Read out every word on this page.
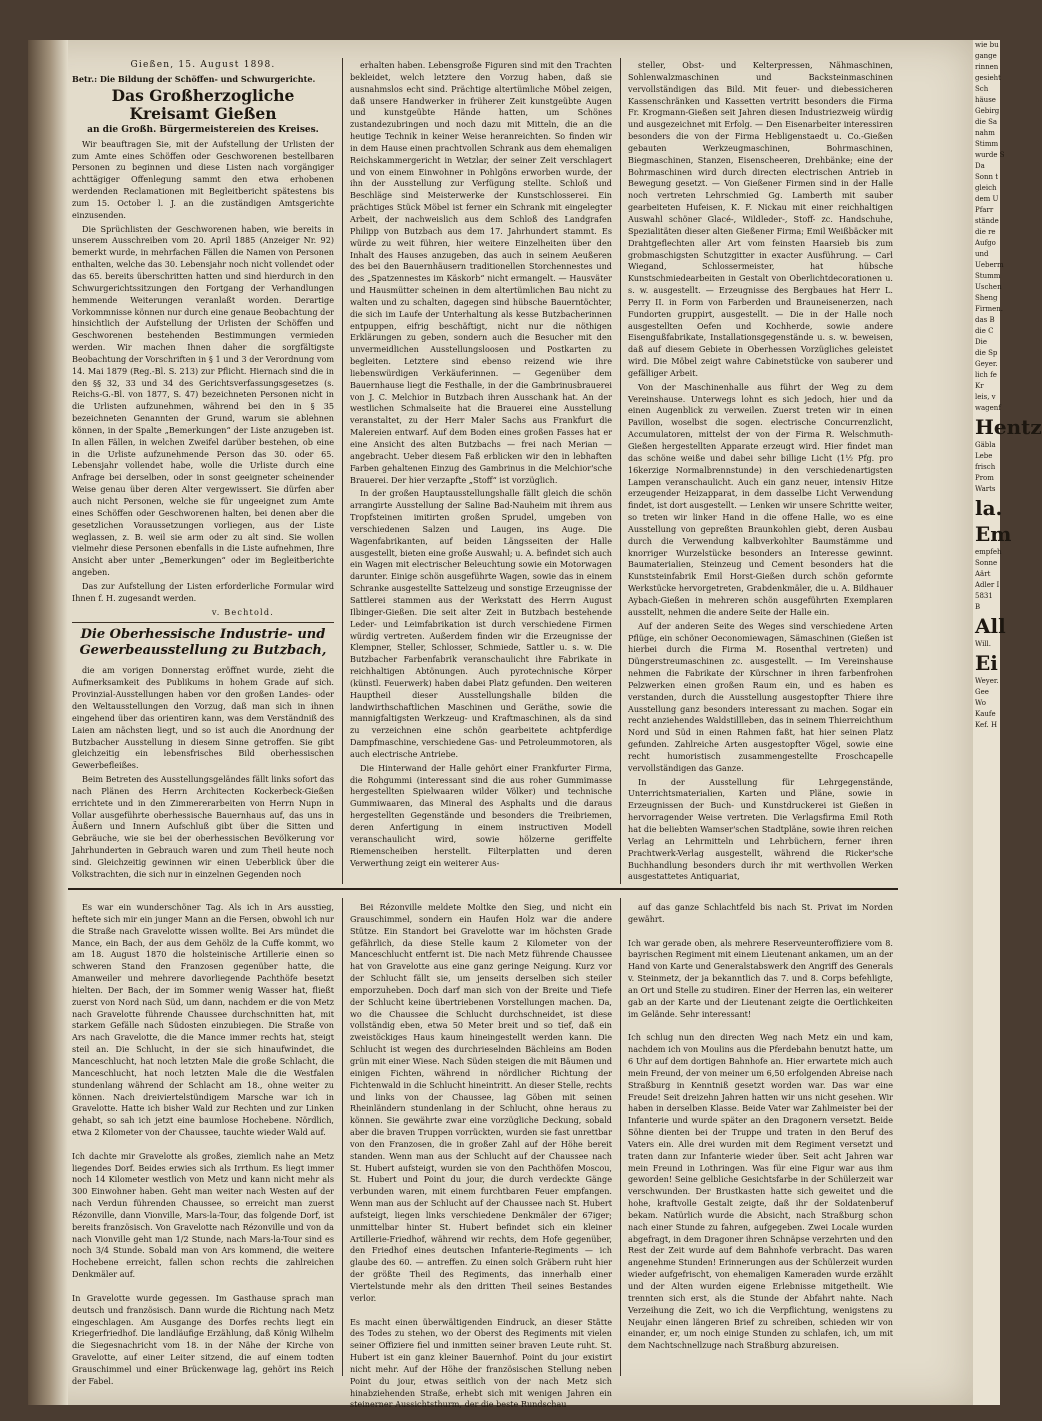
wie bu
gange
rinnen
gesieht
Sch
häuse
Gebirg
die Sa
nahm
Stimm
wurde S
Da
Sonn t
gleich
dem U
Pfarr
stände
die re
Aufgo
und
Ueberm
Stumm
Uschen
Sheng
Firmen.
das B
die C
Die
die Sp
Geyer.
lich fe
Kr
leis, v
wagenf
Hentz
Gäbla
Lebe
frisch
Prom
Warts
la.
Em
empfeh
Sonne
Aärt
Adler I
5831
B
All
Will.
Ei
Weyer.
Gee
Wo
Kaufe
Kef. H
Gießen, 15. August 1898.
Betr.: Die Bildung der Schöffen- und Schwurgerichte.
Das Großherzogliche Kreisamt Gießen
an die Großh. Bürgermeistereien des Kreises.

Wir beauftragen Sie, mit der Aufstellung der Urlisten der zum Amte eines Schöffen oder Geschworenen bestellbaren Personen zu beginnen und diese Listen nach vorgängiger achttägiger Offenlegung sammt den etwa erhobenen werdenden Reclamationen mit Begleitbericht spätestens bis zum 15. October l. J. an die zuständigen Amtsgerichte einzusenden.

Die Sprüchlisten der Geschworenen haben, wie bereits in unserem Ausschreiben vom 20. April 1885 (Anzeiger Nr. 92) bemerkt wurde, in mehrfachen Fällen die Namen von Personen enthalten, welche das 30. Lebensjahr noch nicht vollendet oder das 65. bereits überschritten hatten und sind hierdurch in den Schwurgerichtssitzungen den Fortgang der Verhandlungen hemmende Weiterungen veranlaßt worden. Derartige Vorkommnisse können nur durch eine genaue Beobachtung der hinsichtlich der Aufstellung der Urlisten der Schöffen und Geschworenen bestehenden Bestimmungen vermieden werden. Wir machen Ihnen daher die sorgfältigste Beobachtung der Vorschriften in § 1 und 3 der Verordnung vom 14. Mai 1879 (Reg.-Bl. S. 213) zur Pflicht. Hiernach sind die in den §§ 32, 33 und 34 des Gerichtsverfassungsgesetzes (s. Reichs-G.-Bl. von 1877, S. 47) bezeichneten Personen nicht in die Urlisten aufzunehmen, während bei den in § 35 bezeichneten Genannten der Grund, warum sie ablehnen können, in der Spalte „Bemerkungen“ der Liste anzugeben ist. In allen Fällen, in welchen Zweifel darüber bestehen, ob eine in die Urliste aufzunehmende Person das 30. oder 65. Lebensjahr vollendet habe, wolle die Urliste durch eine Anfrage bei derselben, oder in sonst geeigneter scheinender Weise genau über deren Alter vergewissert. Sie dürfen aber auch nicht Personen, welche sie für ungeeignet zum Amte eines Schöffen oder Geschworenen halten, bei denen aber die gesetzlichen Voraussetzungen vorliegen, aus der Liste weglassen, z. B. weil sie arm oder zu alt sind. Sie wollen vielmehr diese Personen ebenfalls in die Liste aufnehmen, Ihre Ansicht aber unter „Bemerkungen“ oder im Begleitberichte angeben.

Das zur Aufstellung der Listen erforderliche Formular wird Ihnen f. H. zugesandt werden.

v. Bechtold.
Die Oberhessische Industrie- und Gewerbeausstellung zu Butzbach,

die am vorigen Donnerstag eröffnet wurde, zieht die Aufmerksamkeit des Publikums in hohem Grade auf sich. Provinzial-Ausstellungen haben vor den großen Landes- oder den Weltausstellungen den Vorzug, daß man sich in ihnen eingehend über das orientiren kann, was dem Verständniß des Laien am nächsten liegt, und so ist auch die Anordnung der Butzbacher Ausstellung in diesem Sinne getroffen. Sie gibt gleichzeitig ein lebensfrisches Bild oberhessischen Gewerbefleißes.

Beim Betreten des Ausstellungsgeländes fällt links sofort das nach Plänen des Herrn Architecten Kockerbeck-Gießen errichtete und in den Zimmererarbeiten von Herrn Nupn in Vollar ausgeführte oberhessische Bauernhaus auf, das uns in Äußern und Innern Aufschluß gibt über die Sitten und Gebräuche, wie sie bei der oberhessischen Bevölkerung vor Jahrhunderten in Gebrauch waren und zum Theil heute noch sind. Gleichzeitig gewinnen wir einen Ueberblick über die Volkstrachten, die sich nur in einzelnen Gegenden noch

erhalten haben. Lebensgroße Figuren sind mit den Trachten bekleidet, welch letztere den Vorzug haben, daß sie ausnahmslos echt sind. Prächtige altertümliche Möbel zeigen, daß unsere Handwerker in früherer Zeit kunstgeübte Augen und kunstgeübte Hände hatten, um Schönes zustandezubringen und noch dazu mit Mitteln, die an die heutige Technik in keiner Weise heranreichten. So finden wir in dem Hause einen prachtvollen Schrank aus dem ehemaligen Reichskammergericht in Wetzlar, der seiner Zeit verschlagert und von einem Einwohner in Pohlgöns erworben wurde, der ihn der Ausstellung zur Verfügung stellte. Schloß und Beschläge sind Meisterwerke der Kunstschlosserei. Ein prächtiges Stück Möbel ist ferner ein Schrank mit eingelegter Arbeit, der nachweislich aus dem Schloß des Landgrafen Philipp von Butzbach aus dem 17. Jahrhundert stammt. Es würde zu weit führen, hier weitere Einzelheiten über den Inhalt des Hauses anzugeben, das auch in seinem Aeußeren des bei den Bauernhäusern traditionellen Storchennestes und des „Spatzennestes im Käskorb“ nicht ermangelt. — Hausväter und Hausmütter scheinen in dem altertümlichen Bau nicht zu walten und zu schalten, dagegen sind hübsche Bauerntöchter, die sich im Laufe der Unterhaltung als kesse Butzbacherinnen entpuppen, eifrig beschäftigt, nicht nur die nöthigen Erklärungen zu geben, sondern auch die Besucher mit den unvermeidlichen Ausstellungsloosen und Postkarten zu begleiten. Letztere sind ebenso reizend wie ihre liebenswürdigen Verkäuferinnen. — Gegenüber dem Bauernhause liegt die Festhalle, in der die Gambrinusbrauerei von J. C. Melchior in Butzbach ihren Ausschank hat. An der westlichen Schmalseite hat die Brauerei eine Ausstellung veranstaltet, zu der Herr Maler Sachs aus Frankfurt die Malereien entwarf. Auf dem Boden eines großen Fasses hat er eine Ansicht des alten Butzbachs — frei nach Merian — angebracht. Ueber diesem Faß erblicken wir den in lebhaften Farben gehaltenen Einzug des Gambrinus in die Melchior'sche Brauerei. Der hier verzapfte „Stoff“ ist vorzüglich.

In der großen Hauptausstellungshalle fällt gleich die schön arrangirte Ausstellung der Saline Bad-Nauheim mit ihrem aus Tropfsteinen imitirten großen Sprudel, umgeben von verschiedenen Salzen und Laugen, ins Auge. Die Wagenfabrikanten, auf beiden Längsseiten der Halle ausgestellt, bieten eine große Auswahl; u. A. befindet sich auch ein Wagen mit electrischer Beleuchtung sowie ein Motorwagen darunter. Einige schön ausgeführte Wagen, sowie das in einem Schranke ausgestellte Sattelzeug und sonstige Erzeugnisse der Sattlerei stammen aus der Werkstatt des Herrn August Ilbinger-Gießen. Die seit alter Zeit in Butzbach bestehende Leder- und Leimfabrikation ist durch verschiedene Firmen würdig vertreten. Außerdem finden wir die Erzeugnisse der Klempner, Steller, Schlosser, Schmiede, Sattler u. s. w. Die Butzbacher Farbenfabrik veranschaulicht ihre Fabrikate in reichhaltigen Abtönungen. Auch pyrotechnische Körper (künstl. Feuerwerk) haben dabei Platz gefunden. Den weiteren Hauptheil dieser Ausstellungshalle bilden die landwirthschaftlichen Maschinen und Geräthe, sowie die mannigfaltigsten Werkzeug- und Kraftmaschinen, als da sind zu verzeichnen eine schön gearbeitete achtpferdige Dampfmaschine, verschiedene Gas- und Petroleummotoren, als auch electrische Antriebe.

Die Hinterwand der Halle gehört einer Frankfurter Firma, die Rohgummi (interessant sind die aus roher Gummimasse hergestellten Spielwaaren wilder Völker) und technische Gummiwaaren, das Mineral des Asphalts und die daraus hergestellten Gegenstände und besonders die Treibriemen, deren Anfertigung in einem instructiven Modell veranschaulicht wird, sowie hölzerne geriffelte Riemenscheiben herstellt. Filterplatten und deren Verwerthung zeigt ein weiterer Aus-

steller, Obst- und Kelterpressen, Nähmaschinen, Sohlenwalzmaschinen und Backsteinmaschinen vervollständigen das Bild. Mit feuer- und diebessicheren Kassenschränken und Kassetten vertritt besonders die Firma Fr. Krogmann-Gießen seit Jahren diesen Industriezweig würdig und ausgezeichnet mit Erfolg. — Den Eisenarbeiter interessiren besonders die von der Firma Hebligenstaedt u. Co.-Gießen gebauten Werkzeugmaschinen, Bohrmaschinen, Biegmaschinen, Stanzen, Eisenscheeren, Drehbänke; eine der Bohrmaschinen wird durch directen electrischen Antrieb in Bewegung gesetzt. — Von Gießener Firmen sind in der Halle noch vertreten Lehrschmied Gg. Lamberth mit sauber gearbeiteten Hufeisen, K. F. Nickau mit einer reichhaltigen Auswahl schöner Glacé-, Wildleder-, Stoff- zc. Handschuhe, Spezialitäten dieser alten Gießener Firma; Emil Weißbäcker mit Drahtgeflechten aller Art vom feinsten Haarsieb bis zum grobmaschigsten Schutzgitter in exacter Ausführung. — Carl Wiegand, Schlossermeister, hat hübsche Kunstschmiedearbeiten in Gestalt von Oberlichtdecorationen u. s. w. ausgestellt. — Erzeugnisse des Bergbaues hat Herr L. Perry II. in Form von Farberden und Brauneisenerzen, nach Fundorten gruppirt, ausgestellt. — Die in der Halle noch ausgestellten Oefen und Kochherde, sowie andere Eisengußfabrikate, Installationsgegenstände u. s. w. beweisen, daß auf diesem Gebiete in Oberhessen Vorzügliches geleistet wird. Die Möbel zeigt wahre Cabinetstücke von sauberer und gefälliger Arbeit.

Von der Maschinenhalle aus führt der Weg zu dem Vereinshause. Unterwegs lohnt es sich jedoch, hier und da einen Augenblick zu verweilen. Zuerst treten wir in einen Pavillon, woselbst die sogen. electrische Concurrenzlicht, Accumulatoren, mittelst der von der Firma R. Welschmuth-Gießen hergestellten Apparate erzeugt wird. Hier findet man das schöne weiße und dabei sehr billige Licht (1½ Pfg. pro 16kerzige Normalbrennstunde) in den verschiedenartigsten Lampen veranschaulicht. Auch ein ganz neuer, intensiv Hitze erzeugender Heizapparat, in dem dasselbe Licht Verwendung findet, ist dort ausgestellt. — Lenken wir unsere Schritte weiter, so treten wir linker Hand in die offene Halle, wo es eine Ausstellung von gepreßten Braunkohlen giebt, deren Ausbau durch die Verwendung kalbverkohlter Baumstämme und knorriger Wurzelstücke besonders an Interesse gewinnt. Baumaterialien, Steinzeug und Cement besonders hat die Kunststeinfabrik Emil Horst-Gießen durch schön geformte Werkstücke hervorgetreten, Grabdenkmäler, die u. A. Bildhauer Aybach-Gießen in mehreren schön ausgeführten Exemplaren ausstellt, nehmen die andere Seite der Halle ein.

Auf der anderen Seite des Weges sind verschiedene Arten Pflüge, ein schöner Oeconomiewagen, Sämaschinen (Gießen ist hierbei durch die Firma M. Rosenthal vertreten) und Düngerstreumaschinen zc. ausgestellt. — Im Vereinshause nehmen die Fabrikate der Kürschner in ihren farbenfrohen Pelzwerken einen großen Raum ein, und es haben es verstanden, durch die Ausstellung ausgestopfter Thiere ihre Ausstellung ganz besonders interessant zu machen. Sogar ein recht anziehendes Waldstillleben, das in seinem Thierreichthum Nord und Süd in einen Rahmen faßt, hat hier seinen Platz gefunden. Zahlreiche Arten ausgestopfter Vögel, sowie eine recht humoristisch zusammengestellte Froschcapelle vervollständigen das Ganze.

In der Ausstellung für Lehrgegenstände, Unterrichtsmaterialien, Karten und Pläne, sowie in Erzeugnissen der Buch- und Kunstdruckerei ist Gießen in hervorragender Weise vertreten. Die Verlagsfirma Emil Roth hat die beliebten Wamser'schen Stadtpläne, sowie ihren reichen Verlag an Lehrmitteln und Lehrbüchern, ferner ihren Prachtwerk-Verlag ausgestellt, während die Ricker'sche Buchhandlung besonders durch ihr mit werthvollen Werken ausgestattetes Antiquariat,

Es war ein wunderschöner Tag. Als ich in Ars ausstieg, heftete sich mir ein junger Mann an die Fersen, obwohl ich nur die Straße nach Gravelotte wissen wollte. Bei Ars mündet die Mance, ein Bach, der aus dem Gehölz de la Cuffe kommt, wo am 18. August 1870 die holsteinische Artillerie einen so schweren Stand den Franzosen gegenüber hatte, die Amanweiler und mehrere davorliegende Pachthöfe besetzt hielten. Der Bach, der im Sommer wenig Wasser hat, fließt zuerst von Nord nach Süd, um dann, nachdem er die von Metz nach Gravelotte führende Chaussee durchschnitten hat, mit starkem Gefälle nach Südosten einzubiegen. Die Straße von Ars nach Gravelotte, die die Mance immer rechts hat, steigt steil an. Die Schlucht, in der sie sich hinaufwindet, die Manceschlucht, hat noch letzten Male die große Schlacht, die Manceschlucht, hat noch letzten Male die die Westfalen stundenlang während der Schlacht am 18., ohne weiter zu können. Nach dreiviertelstündigem Marsche war ich in Gravelotte. Hatte ich bisher Wald zur Rechten und zur Linken gehabt, so sah ich jetzt eine baumlose Hochebene. Nördlich, etwa 2 Kilometer von der Chaussee, tauchte wieder Wald auf.

Ich dachte mir Gravelotte als großes, ziemlich nahe an Metz liegendes Dorf. Beides erwies sich als Irrthum. Es liegt immer noch 14 Kilometer westlich von Metz und kann nicht mehr als 300 Einwohner haben. Geht man weiter nach Westen auf der nach Verdun führenden Chaussee, so erreicht man zuerst Rézonville, dann Vionville, Mars-la-Tour, das folgende Dorf, ist bereits französisch. Von Gravelotte nach Rézonville und von da nach Vionville geht man 1/2 Stunde, nach Mars-la-Tour sind es noch 3/4 Stunde. Sobald man von Ars kommend, die weitere Hochebene erreicht, fallen schon rechts die zahlreichen Denkmäler auf.

In Gravelotte wurde gegessen. Im Gasthause sprach man deutsch und französisch. Dann wurde die Richtung nach Metz eingeschlagen. Am Ausgange des Dorfes rechts liegt ein Kriegerfriedhof. Die landläufige Erzählung, daß König Wilhelm die Siegesnachricht vom 18. in der Nähe der Kirche von Gravelotte, auf einer Leiter sitzend, die auf einem todten Grauschimmel und einer Brückenwage lag, gehört ins Reich der Fabel.

Bei Rézonville meldete Moltke den Sieg, und nicht ein Grauschimmel, sondern ein Haufen Holz war die andere Stütze. Ein Standort bei Gravelotte war im höchsten Grade gefährlich, da diese Stelle kaum 2 Kilometer von der Manceschlucht entfernt ist. Die nach Metz führende Chaussee hat von Gravelotte aus eine ganz geringe Neigung. Kurz vor der Schlucht fällt sie, um jenseits derselben sich steiler emporzuheben. Doch darf man sich von der Breite und Tiefe der Schlucht keine übertriebenen Vorstellungen machen. Da, wo die Chaussee die Schlucht durchschneidet, ist diese vollständig eben, etwa 50 Meter breit und so tief, daß ein zweistöckiges Haus kaum hineingestellt werden kann. Die Schlucht ist wegen des durchrieselnden Bächleins am Boden grün mit einer Wiese. Nach Süden steigen die mit Bäumen und einigen Fichten, während in nördlicher Richtung der Fichtenwald in die Schlucht hineintritt. An dieser Stelle, rechts und links von der Chaussee, lag Göben mit seinen Rheinländern stundenlang in der Schlucht, ohne heraus zu können. Sie gewährte zwar eine vorzügliche Deckung, sobald aber die braven Truppen vorrückten, wurden sie fast unrettbar von den Franzosen, die in großer Zahl auf der Höhe bereit standen. Wenn man aus der Schlucht auf der Chaussee nach St. Hubert aufsteigt, wurden sie von den Pachthöfen Moscou, St. Hubert und Point du jour, die durch verdeckte Gänge verbunden waren, mit einem furchtbaren Feuer empfangen. Wenn man aus der Schlucht auf der Chaussee nach St. Hubert aufsteigt, liegen links verschiedene Denkmäler der 67iger; unmittelbar hinter St. Hubert befindet sich ein kleiner Artillerie-Friedhof, während wir rechts, dem Hofe gegenüber, den Friedhof eines deutschen Infanterie-Regiments — ich glaube des 60. — antreffen. Zu einen solch Gräbern ruht hier der größte Theil des Regiments, das innerhalb einer Viertelstunde mehr als den dritten Theil seines Bestandes verlor.

Es macht einen überwältigenden Eindruck, an dieser Stätte des Todes zu stehen, wo der Oberst des Regiments mit vielen seiner Offiziere fiel und inmitten seiner braven Leute ruht. St. Hubert ist ein ganz kleiner Bauernhof. Point du jour existirt nicht mehr. Auf der Höhe der französischen Stellung neben Point du jour, etwas seitlich von der nach Metz sich hinabziehenden Straße, erhebt sich mit wenigen Jahren ein steinerner Aussichtsthurm, der die beste Rundschau

auf das ganze Schlachtfeld bis nach St. Privat im Norden gewährt.

Ich war gerade oben, als mehrere Reserveunteroffiziere vom 8. bayrischen Regiment mit einem Lieutenant ankamen, um an der Hand von Karte und Generalstabswerk den Angriff des Generals v. Steinmetz, der ja bekanntlich das 7. und 8. Corps befehligte, an Ort und Stelle zu studiren. Einer der Herren las, ein weiterer gab an der Karte und der Lieutenant zeigte die Oertlichkeiten im Gelände. Sehr interessant!

Ich schlug nun den directen Weg nach Metz ein und kam, nachdem ich von Moulins aus die Pferdebahn benutzt hatte, um 6 Uhr auf dem dortigen Bahnhofe an. Hier erwartete mich auch mein Freund, der von meiner um 6,50 erfolgenden Abreise nach Straßburg in Kenntniß gesetzt worden war. Das war eine Freude! Seit dreizehn Jahren hatten wir uns nicht gesehen. Wir haben in derselben Klasse. Beide Vater war Zahlmeister bei der Infanterie und wurde später an den Dragonern versetzt. Beide Söhne dienten bei der Truppe und traten in den Beruf des Vaters ein. Alle drei wurden mit dem Regiment versetzt und traten dann zur Infanterie wieder über. Seit acht Jahren war mein Freund in Lothringen. Was für eine Figur war aus ihm geworden! Seine gelbliche Gesichtsfarbe in der Schülerzeit war verschwunden. Der Brustkasten hatte sich geweitet und die hohe, kraftvolle Gestalt zeigte, daß ihr der Soldatenberuf bekam. Natürlich wurde die Absicht, nach Straßburg schon nach einer Stunde zu fahren, aufgegeben. Zwei Locale wurden abgefragt, in dem Dragoner ihren Schnäpse verzehrten und den Rest der Zeit wurde auf dem Bahnhofe verbracht. Das waren angenehme Stunden! Erinnerungen aus der Schülerzeit wurden wieder aufgefrischt, von ehemaligen Kameraden wurde erzählt und der Alten wurden eigene Erlebnisse mitgetheilt. Wie trennten sich erst, als die Stunde der Abfahrt nahte. Nach Verzeihung die Zeit, wo ich die Verpflichtung, wenigstens zu Neujahr einen längeren Brief zu schreiben, schieden wir von einander, er, um noch einige Stunden zu schlafen, ich, um mit dem Nachtschnellzuge nach Straßburg abzureisen.
